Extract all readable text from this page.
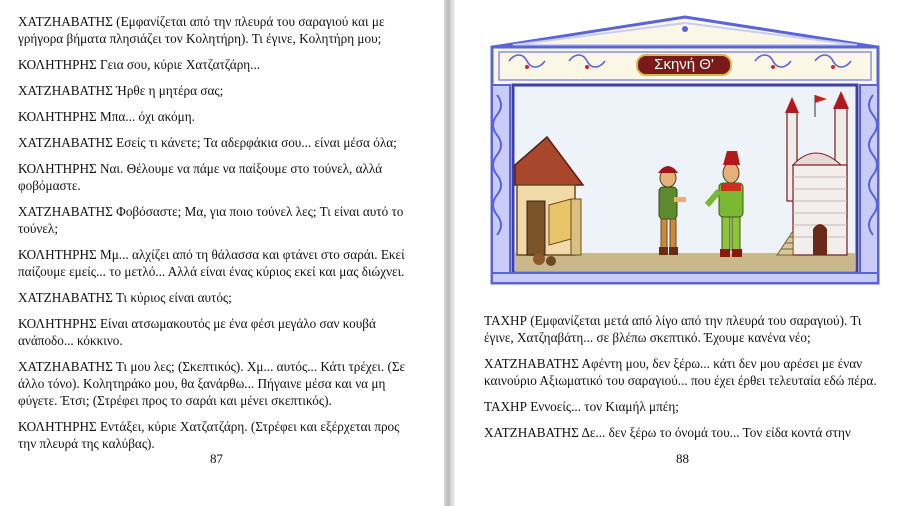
ΧΑΤΖΗΑΒΑΤΗΣ (Εμφανίζεται από την πλευρά του σαραγιού και με γρήγορα βήματα πλησιάζει τον Κολητήρη). Τι έγινε, Κολητήρη μου;

ΚΟΛΗΤΗΡΗΣ Γεια σου, κύριε Χατζατζάρη...

ΧΑΤΖΗΑΒΑΤΗΣ Ήρθε η μητέρα σας;

ΚΟΛΗΤΗΡΗΣ Μπα... όχι ακόμη.

ΧΑΤΖΗΑΒΑΤΗΣ Εσείς τι κάνετε; Τα αδερφάκια σου... είναι μέσα όλα;

ΚΟΛΗΤΗΡΗΣ Ναι. Θέλουμε να πάμε να παίξουμε στο τούνελ, αλλά φοβόμαστε.

ΧΑΤΖΗΑΒΑΤΗΣ Φοβόσαστε; Μα, για ποιο τούνελ λες; Τι είναι αυτό το τούνελ;

ΚΟΛΗΤΗΡΗΣ Μμ... αλχίζει από τη θάλασσα και φτάνει στο σαράι. Εκεί παίζουμε εμείς... το μετλό... Αλλά είναι ένας κύριος εκεί και μας διώχνει.

ΧΑΤΖΗΑΒΑΤΗΣ Τι κύριος είναι αυτός;

ΚΟΛΗΤΗΡΗΣ Είναι ατσωμακουτός με ένα φέσι μεγάλο σαν κουβά ανάποδο... κόκκινο.

ΧΑΤΖΗΑΒΑΤΗΣ Τι μου λες; (Σκεπτικός). Χμ... αυτός... Κάτι τρέχει. (Σε άλλο τόνο). Κολητηράκο μου, θα ξανάρθω... Πήγαινε μέσα και να μη φύγετε. Έτσι; (Στρέφει προς το σαράι και μένει σκεπτικός).

ΚΟΛΗΤΗΡΗΣ Εντάξει, κύριε Χατζατζάρη. (Στρέφει και εξέρχεται προς την πλευρά της καλύβας).

87
Σκηνή Θ'

ΤΑΧΗΡ (Εμφανίζεται μετά από λίγο από την πλευρά του σαραγιού). Τι έγινε, Χατζηαβάτη... σε βλέπω σκεπτικό. Έχουμε κανένα νέο;

ΧΑΤΖΗΑΒΑΤΗΣ Αφέντη μου, δεν ξέρω... κάτι δεν μου αρέσει με έναν καινούριο Αξιωματικό του σαραγιού... που έχει έρθει τελευταία εδώ πέρα.

ΤΑΧΗΡ Εννοείς... τον Κιαμήλ μπέη;

ΧΑΤΖΗΑΒΑΤΗΣ Δε... δεν ξέρω το όνομά του... Τον είδα κοντά στην

88
